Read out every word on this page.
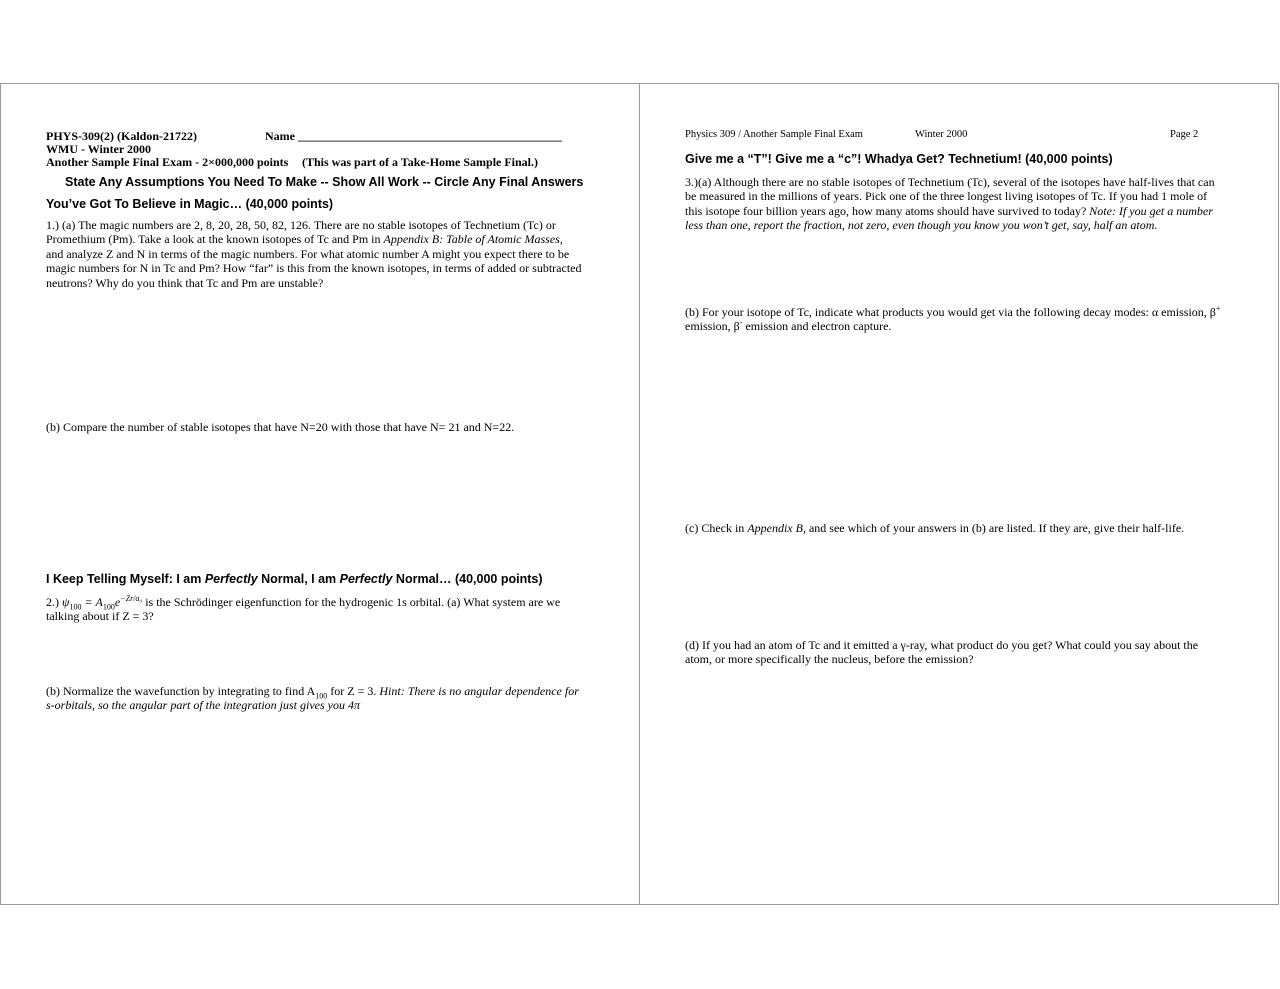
PHYS-309(2) (Kaldon-21722)	Name ____________________________________________
WMU - Winter 2000
Another Sample Final Exam - 2×000,000 points (This was part of a Take-Home Sample Final.)
State Any Assumptions You Need To Make -- Show All Work -- Circle Any Final Answers
You’ve Got To Believe in Magic… (40,000 points)
1.) (a) The magic numbers are 2, 8, 20, 28, 50, 82, 126. There are no stable isotopes of Technetium (Tc) or
Promethium (Pm). Take a look at the known isotopes of Tc and Pm in Appendix B: Table of Atomic Masses,
and analyze Z and N in terms of the magic numbers. For what atomic number A might you expect there to be
magic numbers for N in Tc and Pm? How “far” is this from the known isotopes, in terms of added or subtracted
neutrons? Why do you think that Tc and Pm are unstable?
(b) Compare the number of stable isotopes that have N=20 with those that have N= 21 and N=22.
I Keep Telling Myself: I am Perfectly Normal, I am Perfectly Normal… (40,000 points)
2.) $\psi_{100} = A_{100}e^{-Zr/a_0}$ is the Schrödinger eigenfunction for the hydrogenic 1s orbital. (a) What system are we
talking about if Z = 3?
(b) Normalize the wavefunction by integrating to find $A_{100}$ for Z = 3. Hint: There is no angular dependence for
s-orbitals, so the angular part of the integration just gives you 4π
Physics 309 / Another Sample Final Exam	Winter 2000	Page 2
Give me a “T”! Give me a “c”! Whadya Get? Technetium! (40,000 points)
3.)(a) Although there are no stable isotopes of Technetium (Tc), several of the isotopes have half-lives that can
be measured in the millions of years. Pick one of the three longest living isotopes of Tc. If you had 1 mole of
this isotope four billion years ago, how many atoms should have survived to today? Note: If you get a number
less than one, report the fraction, not zero, even though you know you won’t get, say, half an atom.
(b) For your isotope of Tc, indicate what products you would get via the following decay modes: α emission, β+
emission, β- emission and electron capture.
(c) Check in Appendix B, and see which of your answers in (b) are listed. If they are, give their half-life.
(d) If you had an atom of Tc and it emitted a γ-ray, what product do you get? What could you say about the
atom, or more specifically the nucleus, before the emission?
